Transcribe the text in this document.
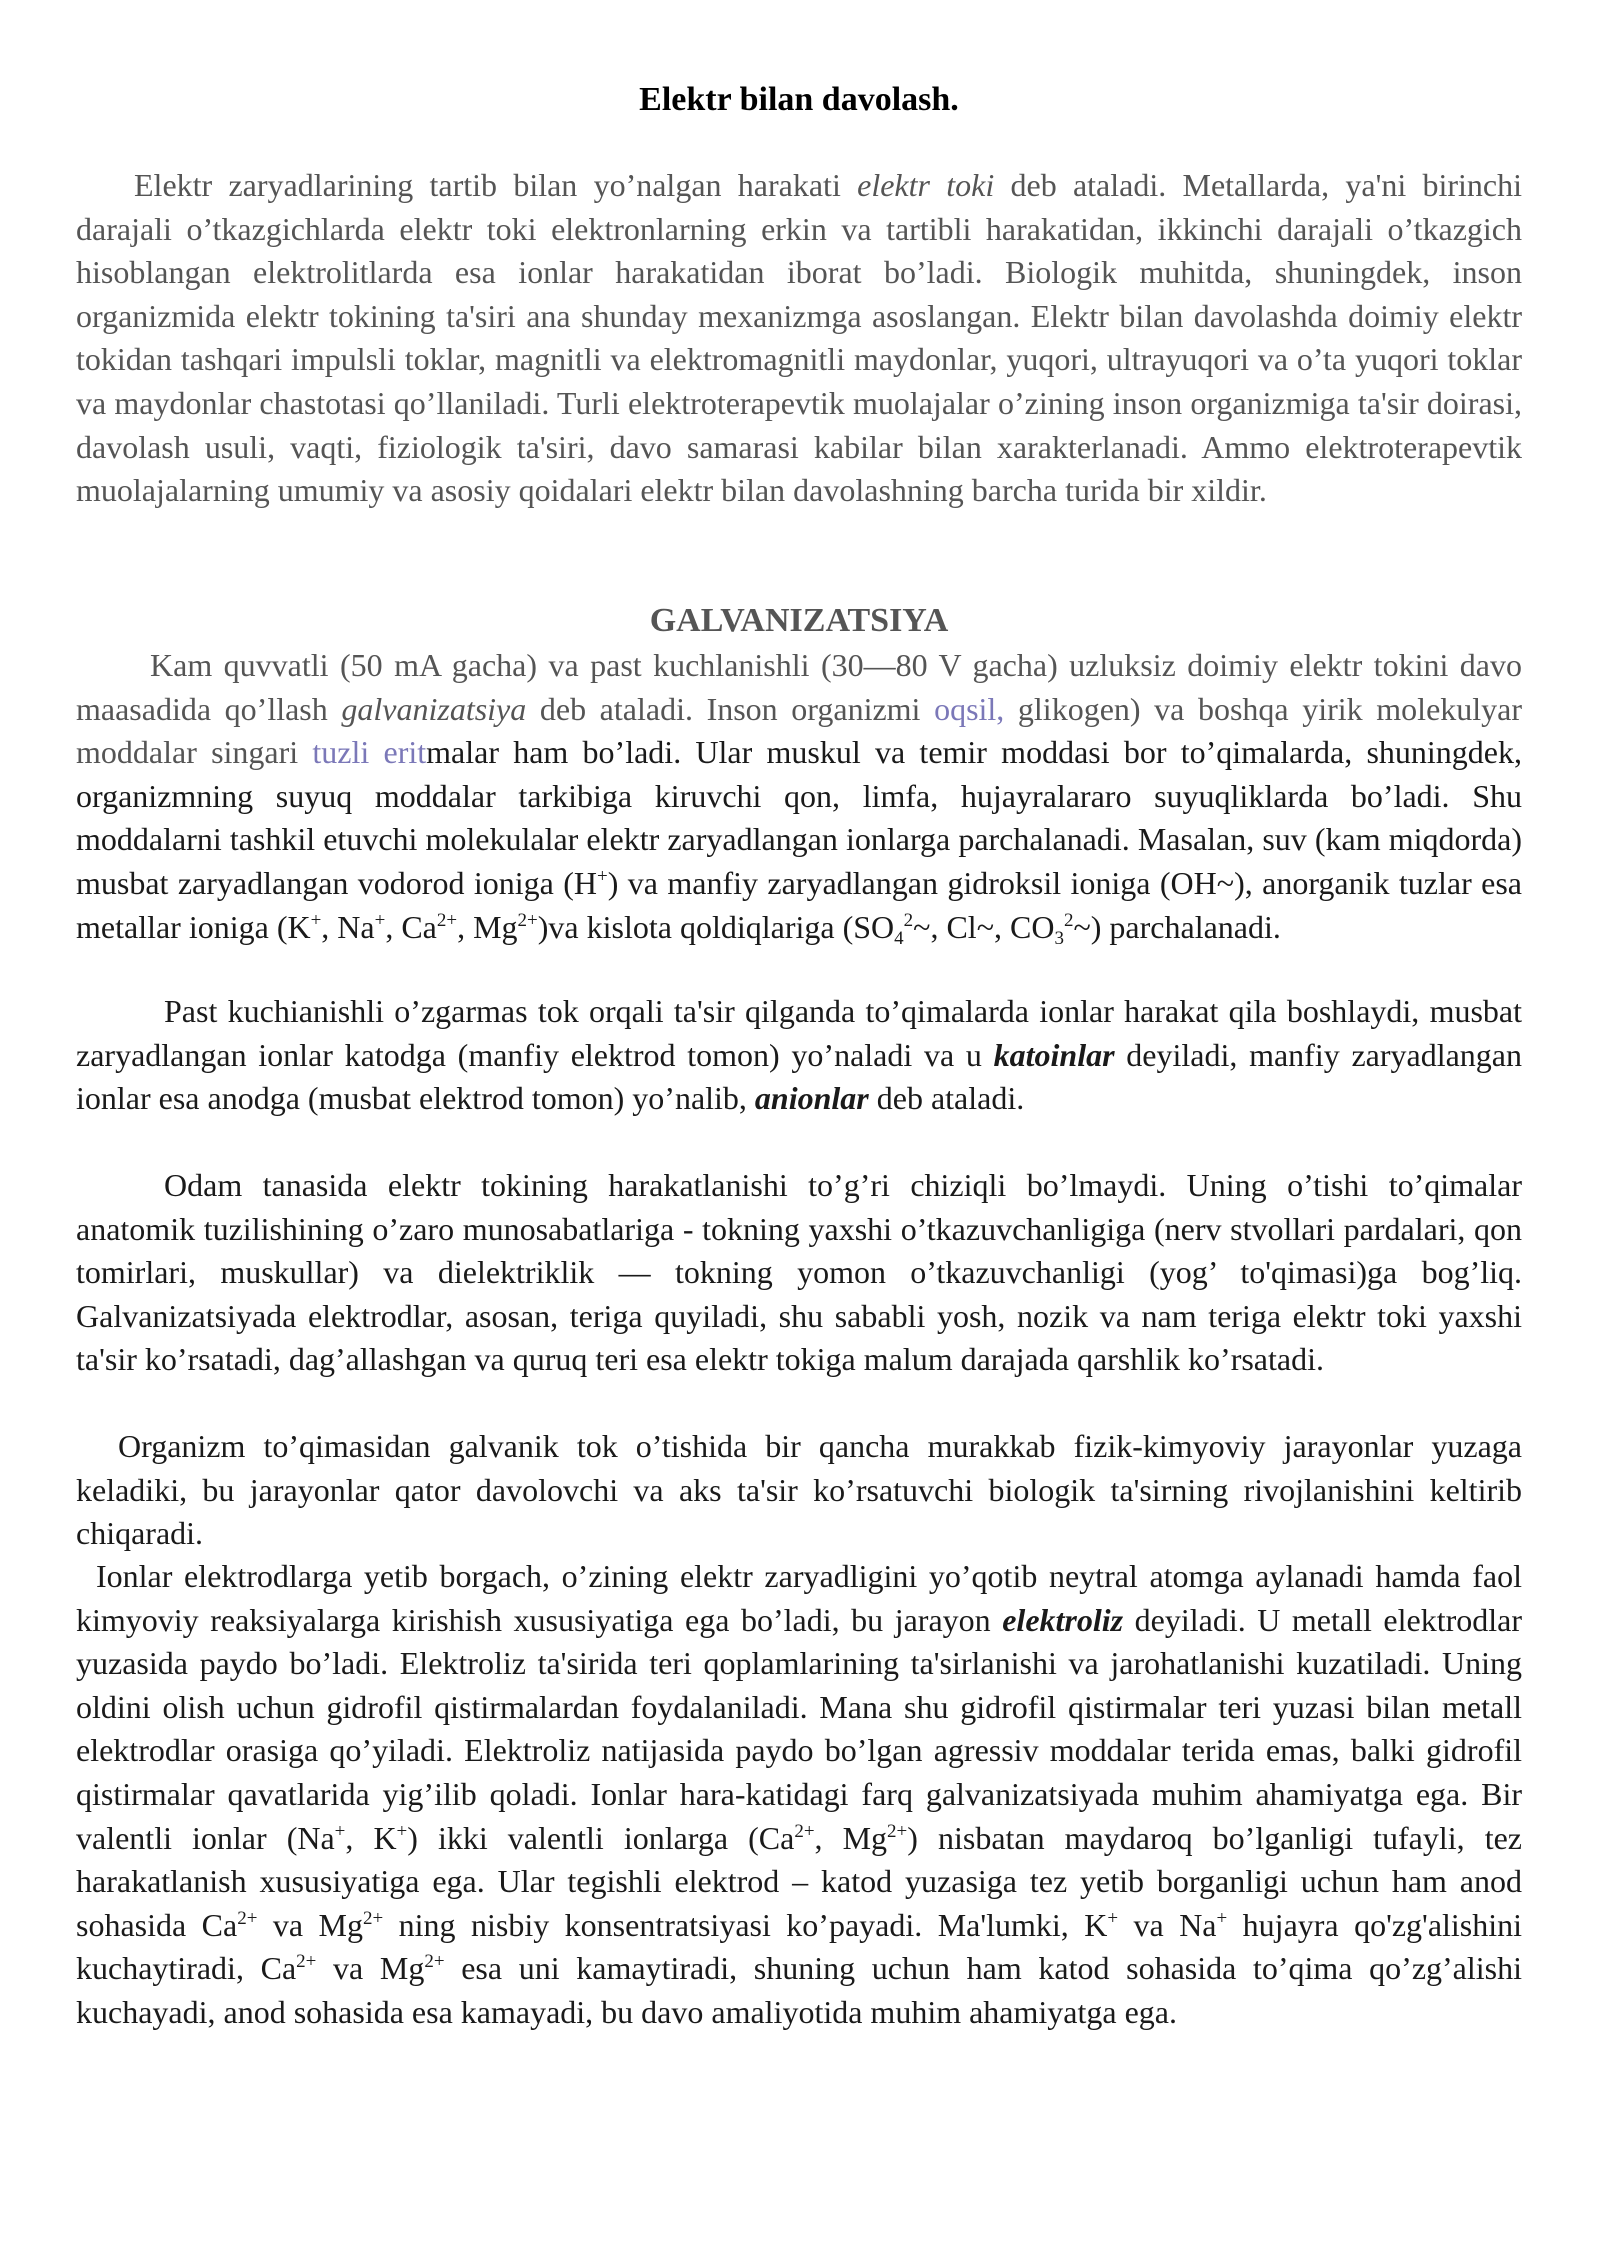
Elektr bilan davolash.

Elektr zaryadlarining tartib bilan yo’nalgan harakati elektr toki deb ataladi. Metallarda, ya'ni birinchi darajali o’tkazgichlarda elektr toki elektronlarning erkin va tartibli harakatidan, ikkinchi darajali o’tkazgich hisoblangan elektrolitlarda esa ionlar harakatidan iborat bo’ladi. Biologik muhitda, shuningdek, inson organizmida elektr tokining ta'siri ana shunday mexanizmga asoslangan. Elektr bilan davolashda doimiy elektr tokidan tashqari impulsli toklar, magnitli va elektromagnitli maydonlar, yuqori, ultrayuqori va o’ta yuqori toklar va maydonlar chastotasi qo’llaniladi. Turli elektroterapevtik muolajalar o’zining inson organizmiga ta'sir doirasi, davolash usuli, vaqti, fiziologik ta'siri, davo samarasi kabilar bilan xarakterlanadi. Ammo elektroterapevtik muolajalarning umumiy va asosiy qoidalari elektr bilan davolashning barcha turida bir xildir.

GALVANIZATSIYA

Kam quvvatli (50 mA gacha) va past kuchlanishli (30—80 V gacha) uzluksiz doimiy elektr tokini davo maasadida qo’llash galvanizatsiya deb ataladi. Inson organizmi oqsil, glikogen) va boshqa yirik molekulyar moddalar singari tuzli eritmalar ham bo’ladi. Ular muskul va temir moddasi bor to’qimalarda, shuningdek, organizmning suyuq moddalar tarkibiga kiruvchi qon, limfa, hujayralararo suyuqliklarda bo’ladi. Shu moddalarni tashkil etuvchi molekulalar elektr zaryadlangan ionlarga parchalanadi. Masalan, suv (kam miqdorda) musbat zaryadlangan vodorod ioniga (H+) va manfiy zaryadlangan gidroksil ioniga (OH~), anorganik tuzlar esa metallar ioniga (K+, Na+, $Ca^{2+}$, $Mg^{2+})va$ kislota qoldiqlariga ($SO_4^2\sim$, Cl~, $CO_3^2\sim$) parchalanadi.

Past kuchianishli o’zgarmas tok orqali ta'sir qilganda to’qimalarda ionlar harakat qila boshlaydi, musbat zaryadlangan ionlar katodga (manfiy elektrod tomon) yo’naladi va u katoinlar deyiladi, manfiy zaryadlangan ionlar esa anodga (musbat elektrod tomon) yo’nalib, anionlar deb ataladi.

Odam tanasida elektr tokining harakatlanishi to’g’ri chiziqli bo’lmaydi. Uning o’tishi to’qimalar anatomik tuzilishining o’zaro munosabatlariga - tokning yaxshi o’tkazuvchanligiga (nerv stvollari pardalari, qon tomirlari, muskullar) va dielektriklik — tokning yomon o’tkazuvchanligi (yog’ to'qimasi)ga bog’liq. Galvanizatsiyada elektrodlar, asosan, teriga quyiladi, shu sababli yosh, nozik va nam teriga elektr toki yaxshi ta'sir ko’rsatadi, dag’allashgan va quruq teri esa elektr tokiga malum darajada qarshlik ko’rsatadi.

Organizm to’qimasidan galvanik tok o’tishida bir qancha murakkab fizik-kimyoviy jarayonlar yuzaga keladiki, bu jarayonlar qator davolovchi va aks ta'sir ko’rsatuvchi biologik ta'sirning rivojlanishini keltirib chiqaradi.

Ionlar elektrodlarga yetib borgach, o’zining elektr zaryadligini yo’qotib neytral atomga aylanadi hamda faol kimyoviy reaksiyalarga kirishish xususiyatiga ega bo’ladi, bu jarayon elektroliz deyiladi. U metall elektrodlar yuzasida paydo bo’ladi. Elektroliz ta'sirida teri qoplamlarining ta'sirlanishi va jarohatlanishi kuzatiladi. Uning oldini olish uchun gidrofil qistirmalardan foydalaniladi. Mana shu gidrofil qistirmalar teri yuzasi bilan metall elektrodlar orasiga qo’yiladi. Elektroliz natijasida paydo bo’lgan agressiv moddalar terida emas, balki gidrofil qistirmalar qavatlarida yig’ilib qoladi. Ionlar hara-katidagi farq galvanizatsiyada muhim ahamiyatga ega. Bir valentli ionlar (Na+, K+) ikki valentli ionlarga ($Ca^{2+}$, $Mg^{2+}$) nisbatan maydaroq bo’lganligi tufayli, tez harakatlanish xususiyatiga ega. Ular tegishli elektrod – katod yuzasiga tez yetib borganligi uchun ham anod sohasida $Ca^{2+}$ va $Mg^{2+}$ ning nisbiy konsentratsiyasi ko’payadi. Ma'lumki, K+ va Na+ hujayra qo'zg'alishini kuchaytiradi, $Ca^{2+}$ va $Mg^{2+}$ esa uni kamaytiradi, shuning uchun ham katod sohasida to’qima qo’zg’alishi kuchayadi, anod sohasida esa kamayadi, bu davo amaliyotida muhim ahamiyatga ega.
